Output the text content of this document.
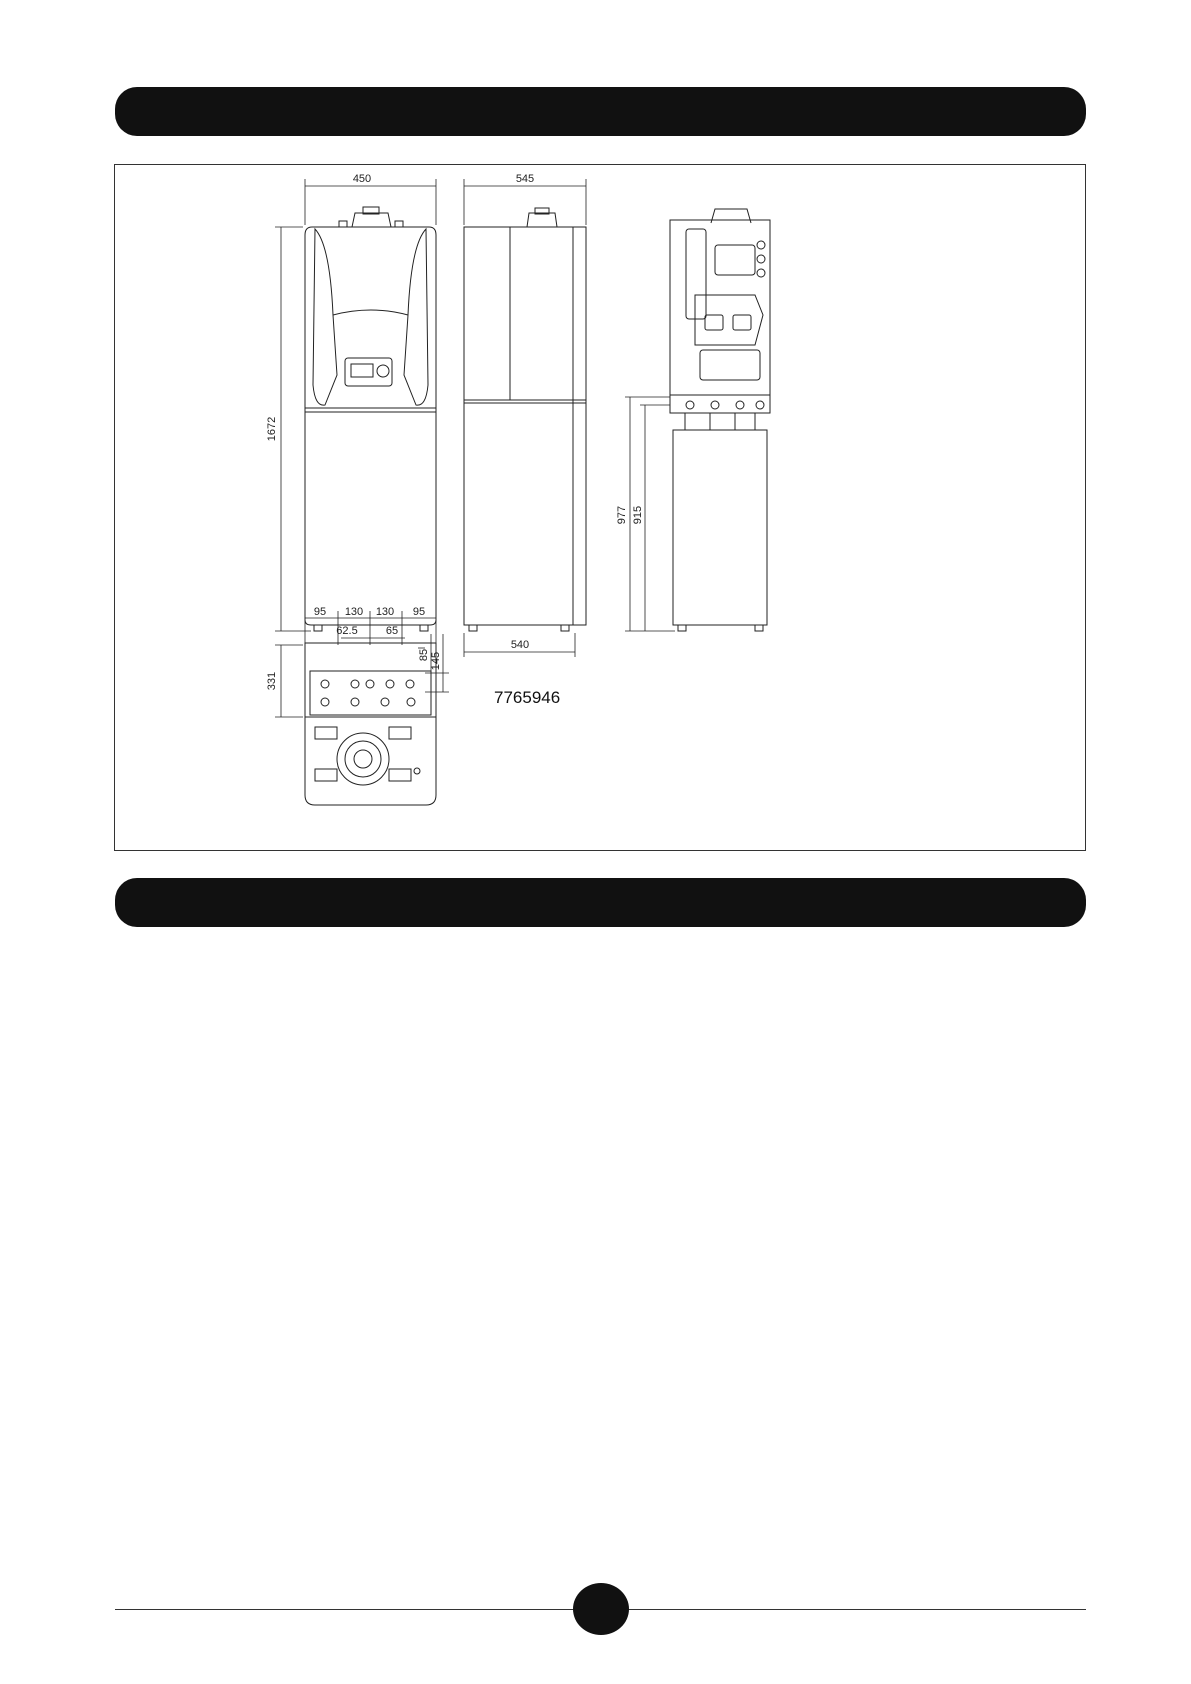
450
1672
545
540
977 915
95 130 130 95
62.5	65
331
85 145
7765946
